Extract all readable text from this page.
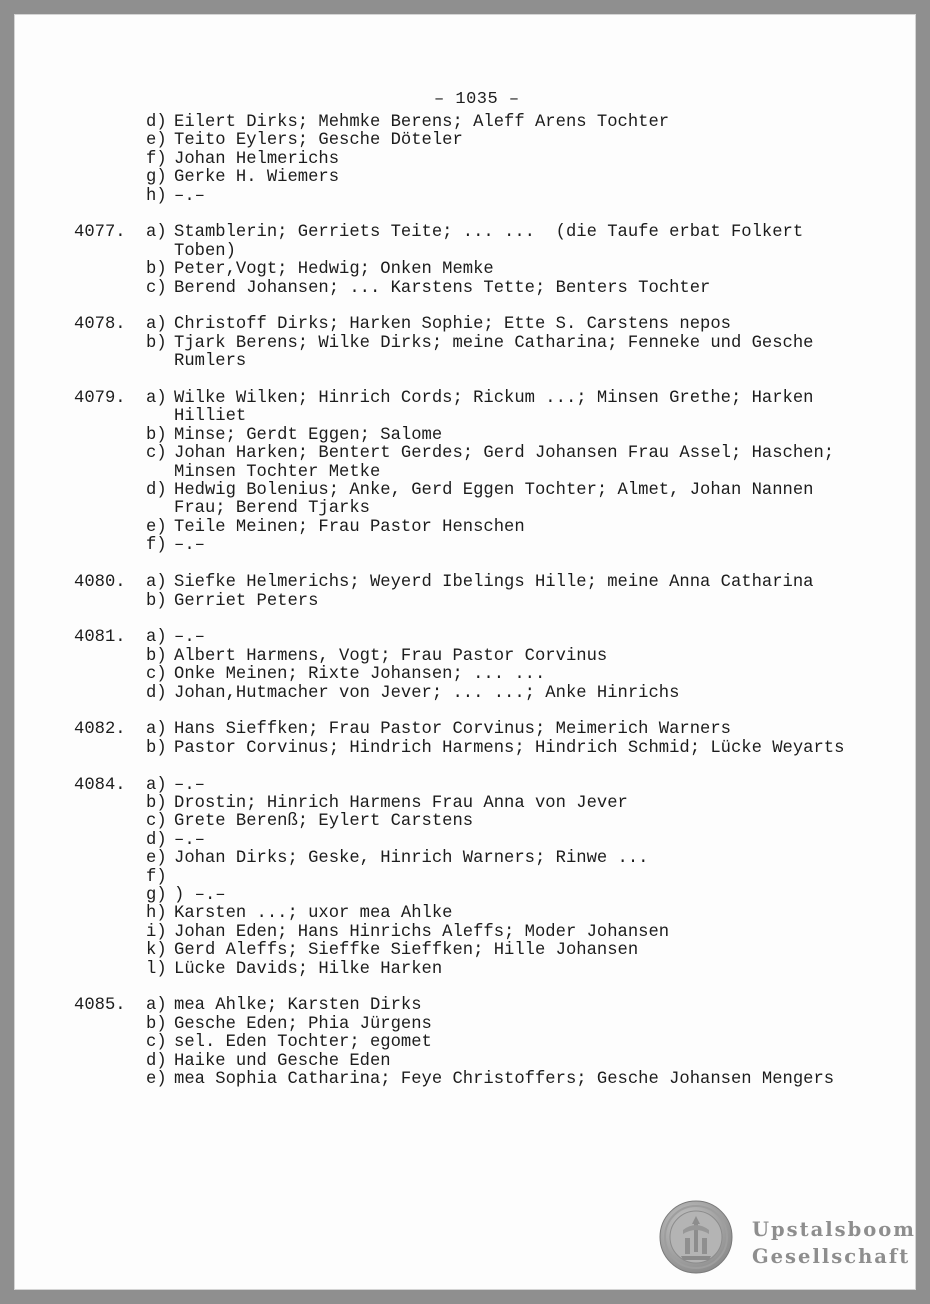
– 1035 –
d) Eilert Dirks; Mehmke Berens; Aleff Arens Tochter
e) Teito Eylers; Gesche Döteler
f) Johan Helmerichs
g) Gerke H. Wiemers
h) –.–
4077.	a) Stamblerin; Gerriets Teite; ... ...  (die Taufe erbat Folkert Toben)
b) Peter,Vogt; Hedwig; Onken Memke
c) Berend Johansen; ... Karstens Tette; Benters Tochter
4078.	a) Christoff Dirks; Harken Sophie; Ette S. Carstens nepos
b) Tjark Berens; Wilke Dirks; meine Catharina; Fenneke und Gesche Rumlers
4079.	a) Wilke Wilken; Hinrich Cords; Rickum ...; Minsen Grethe; Harken Hilliet
b) Minse; Gerdt Eggen; Salome
c) Johan Harken; Bentert Gerdes; Gerd Johansen Frau Assel; Haschen; Minsen Tochter Metke
d) Hedwig Bolenius; Anke, Gerd Eggen Tochter; Almet, Johan Nannen Frau; Berend Tjarks
e) Teile Meinen; Frau Pastor Henschen
f) –.–
4080.	a) Siefke Helmerichs; Weyerd Ibelings Hille; meine Anna Catharina
b) Gerriet Peters
4081.	a) –.–
b) Albert Harmens, Vogt; Frau Pastor Corvinus
c) Onke Meinen; Rixte Johansen; ... ...
d) Johan,Hutmacher von Jever; ... ...; Anke Hinrichs
4082.	a) Hans Sieffken; Frau Pastor Corvinus; Meimerich Warners
b) Pastor Corvinus; Hindrich Harmens; Hindrich Schmid; Lücke Weyarts
4084.	a) –.–
b) Drostin; Hinrich Harmens Frau Anna von Jever
c) Grete Berenß; Eylert Carstens
d) –.–
e) Johan Dirks; Geske, Hinrich Warners; Rinwe ...
f)
g) ) –.–
h) Karsten ...; uxor mea Ahlke
i) Johan Eden; Hans Hinrichs Aleffs; Moder Johansen
k) Gerd Aleffs; Sieffke Sieffken; Hille Johansen
l) Lücke Davids; Hilke Harken
4085.	a) mea Ahlke; Karsten Dirks
b) Gesche Eden; Phia Jürgens
c) sel. Eden Tochter; egomet
d) Haike und Gesche Eden
e) mea Sophia Catharina; Feye Christoffers; Gesche Johansen Mengers
Upstalsboom
Gesellschaft
